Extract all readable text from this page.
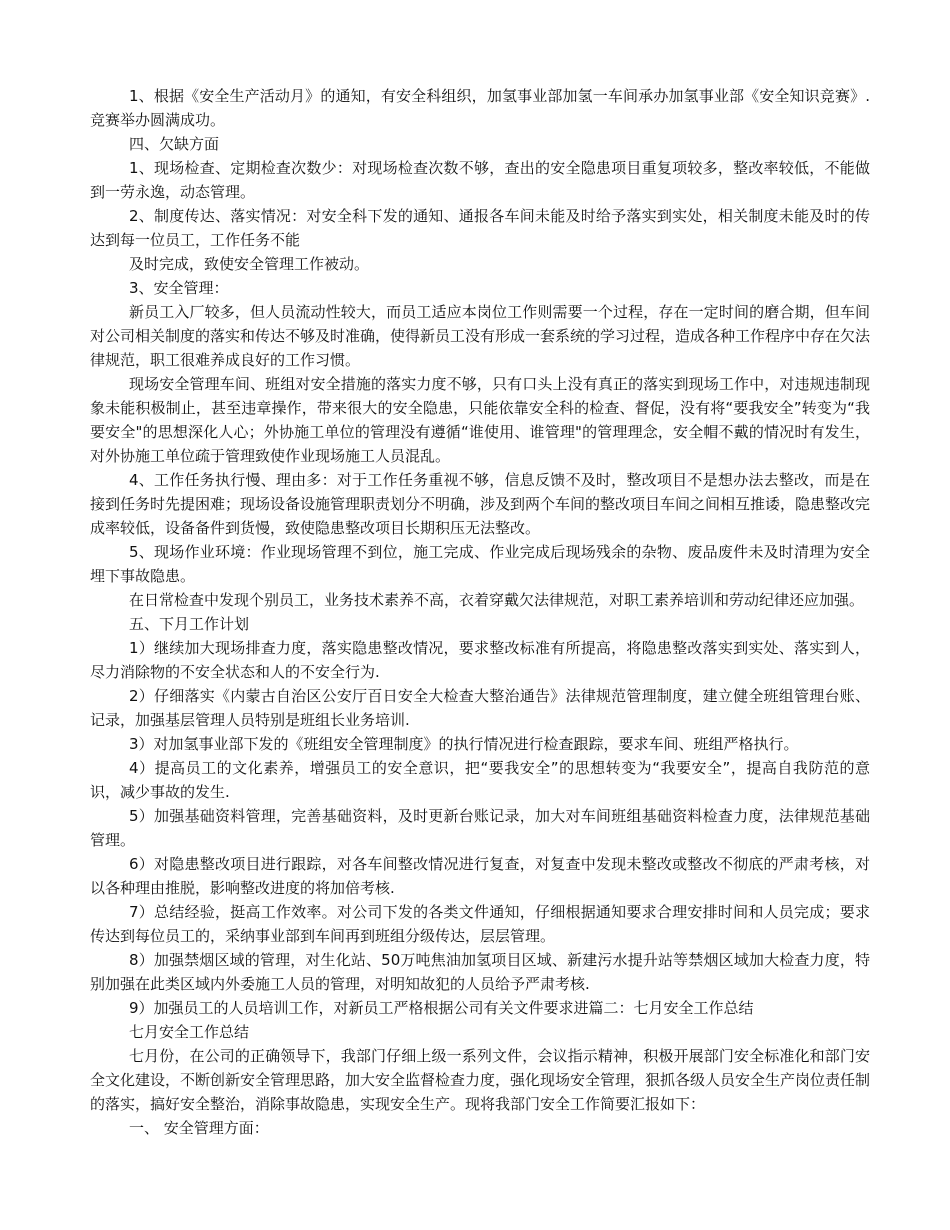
1、根据《安全生产活动月》的通知，有安全科组织，加氢事业部加氢一车间承办加氢事业部《安全知识竞赛》.竞赛举办圆满成功。

四、欠缺方面

1、现场检查、定期检查次数少：对现场检查次数不够，查出的安全隐患项目重复项较多，整改率较低，不能做到一劳永逸，动态管理。

2、制度传达、落实情况：对安全科下发的通知、通报各车间未能及时给予落实到实处，相关制度未能及时的传达到每一位员工，工作任务不能

及时完成，致使安全管理工作被动。

3、安全管理：

新员工入厂较多，但人员流动性较大，而员工适应本岗位工作则需要一个过程，存在一定时间的磨合期，但车间对公司相关制度的落实和传达不够及时准确，使得新员工没有形成一套系统的学习过程，造成各种工作程序中存在欠法律规范，职工很难养成良好的工作习惯。

现场安全管理车间、班组对安全措施的落实力度不够，只有口头上没有真正的落实到现场工作中，对违规违制现象未能积极制止，甚至违章操作，带来很大的安全隐患，只能依靠安全科的检查、督促，没有将“要我安全”转变为“我要安全"的思想深化人心；外协施工单位的管理没有遵循“谁使用、谁管理"的管理理念，安全帽不戴的情况时有发生，对外协施工单位疏于管理致使作业现场施工人员混乱。

4、工作任务执行慢、理由多：对于工作任务重视不够，信息反馈不及时，整改项目不是想办法去整改，而是在接到任务时先提困难；现场设备设施管理职责划分不明确，涉及到两个车间的整改项目车间之间相互推诿，隐患整改完成率较低，设备备件到货慢，致使隐患整改项目长期积压无法整改。

5、现场作业环境：作业现场管理不到位，施工完成、作业完成后现场残余的杂物、废品废件未及时清理为安全埋下事故隐患。

在日常检查中发现个别员工，业务技术素养不高，衣着穿戴欠法律规范，对职工素养培训和劳动纪律还应加强。

五、下月工作计划

1）继续加大现场排查力度，落实隐患整改情况，要求整改标准有所提高，将隐患整改落实到实处、落实到人，尽力消除物的不安全状态和人的不安全行为.

2）仔细落实《内蒙古自治区公安厅百日安全大检查大整治通告》法律规范管理制度，建立健全班组管理台账、记录，加强基层管理人员特别是班组长业务培训.

3）对加氢事业部下发的《班组安全管理制度》的执行情况进行检查跟踪，要求车间、班组严格执行。

4）提高员工的文化素养，增强员工的安全意识，把“要我安全”的思想转变为“我要安全”，提高自我防范的意识，减少事故的发生.

5）加强基础资料管理，完善基础资料，及时更新台账记录，加大对车间班组基础资料检查力度，法律规范基础管理。

6）对隐患整改项目进行跟踪，对各车间整改情况进行复查，对复查中发现未整改或整改不彻底的严肃考核，对以各种理由推脱，影响整改进度的将加倍考核.

7）总结经验，挺高工作效率。对公司下发的各类文件通知，仔细根据通知要求合理安排时间和人员完成；要求传达到每位员工的，采纳事业部到车间再到班组分级传达，层层管理。

8）加强禁烟区域的管理，对生化站、50万吨焦油加氢项目区域、新建污水提升站等禁烟区域加大检查力度，特别加强在此类区域内外委施工人员的管理，对明知故犯的人员给予严肃考核.

9）加强员工的人员培训工作，对新员工严格根据公司有关文件要求进篇二：七月安全工作总结

七月安全工作总结

七月份，在公司的正确领导下，我部门仔细上级一系列文件，会议指示精神，积极开展部门安全标准化和部门安全文化建设，不断创新安全管理思路，加大安全监督检查力度，强化现场安全管理，狠抓各级人员安全生产岗位责任制的落实，搞好安全整治，消除事故隐患，实现安全生产。现将我部门安全工作简要汇报如下：

一、 安全管理方面：
